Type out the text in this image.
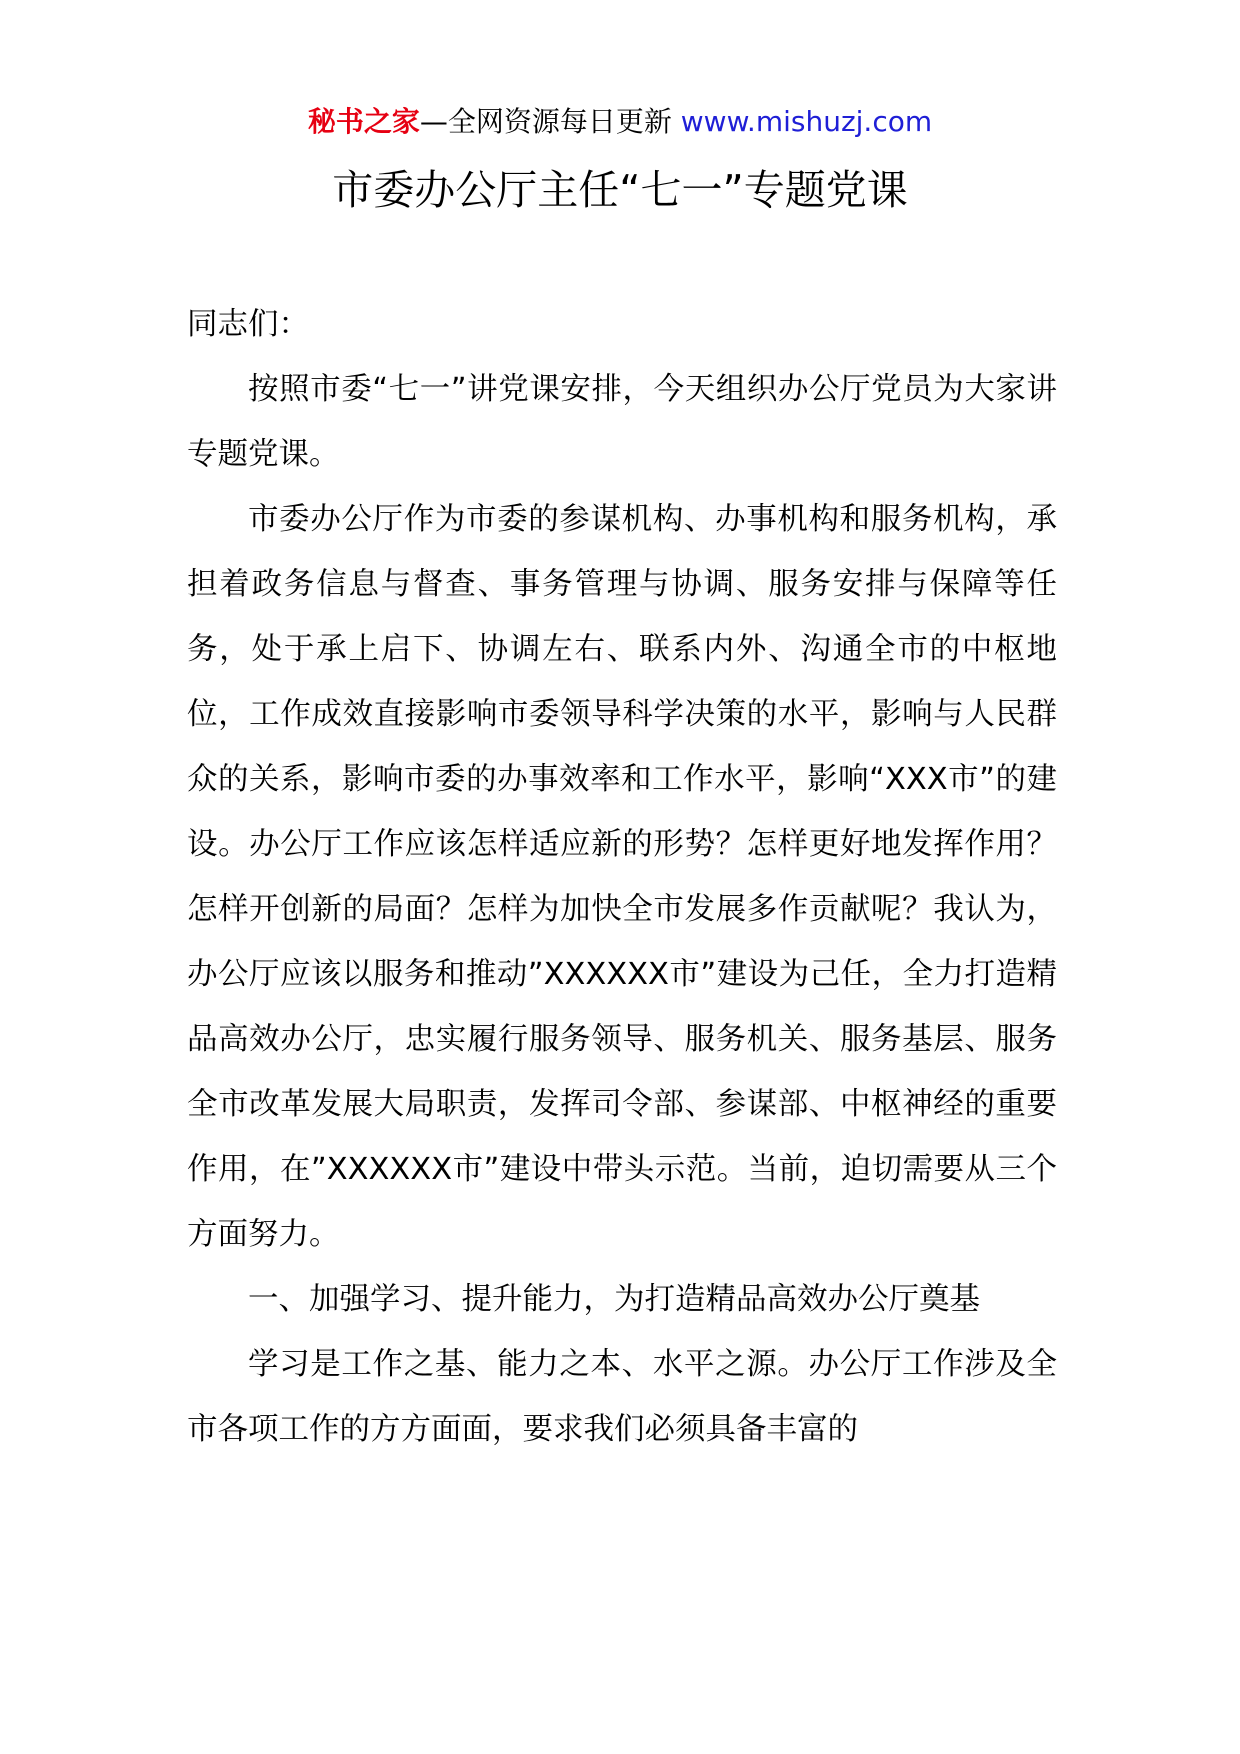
秘书之家—全网资源每日更新 www.mishuzj.com
市委办公厅主任“七一”专题党课

同志们：

按照市委“七一”讲党课安排，今天组织办公厅党员为大家讲专题党课。

市委办公厅作为市委的参谋机构、办事机构和服务机构，承担着政务信息与督查、事务管理与协调、服务安排与保障等任务，处于承上启下、协调左右、联系内外、沟通全市的中枢地位，工作成效直接影响市委领导科学决策的水平，影响与人民群众的关系，影响市委的办事效率和工作水平，影响“XXX市”的建设。办公厅工作应该怎样适应新的形势？怎样更好地发挥作用？怎样开创新的局面？怎样为加快全市发展多作贡献呢？我认为，办公厅应该以服务和推动”XXXXXX市”建设为己任，全力打造精品高效办公厅，忠实履行服务领导、服务机关、服务基层、服务全市改革发展大局职责，发挥司令部、参谋部、中枢神经的重要作用，在”XXXXXX市”建设中带头示范。当前，迫切需要从三个方面努力。

一、加强学习、提升能力，为打造精品高效办公厅奠基

学习是工作之基、能力之本、水平之源。办公厅工作涉及全市各项工作的方方面面，要求我们必须具备丰富的
